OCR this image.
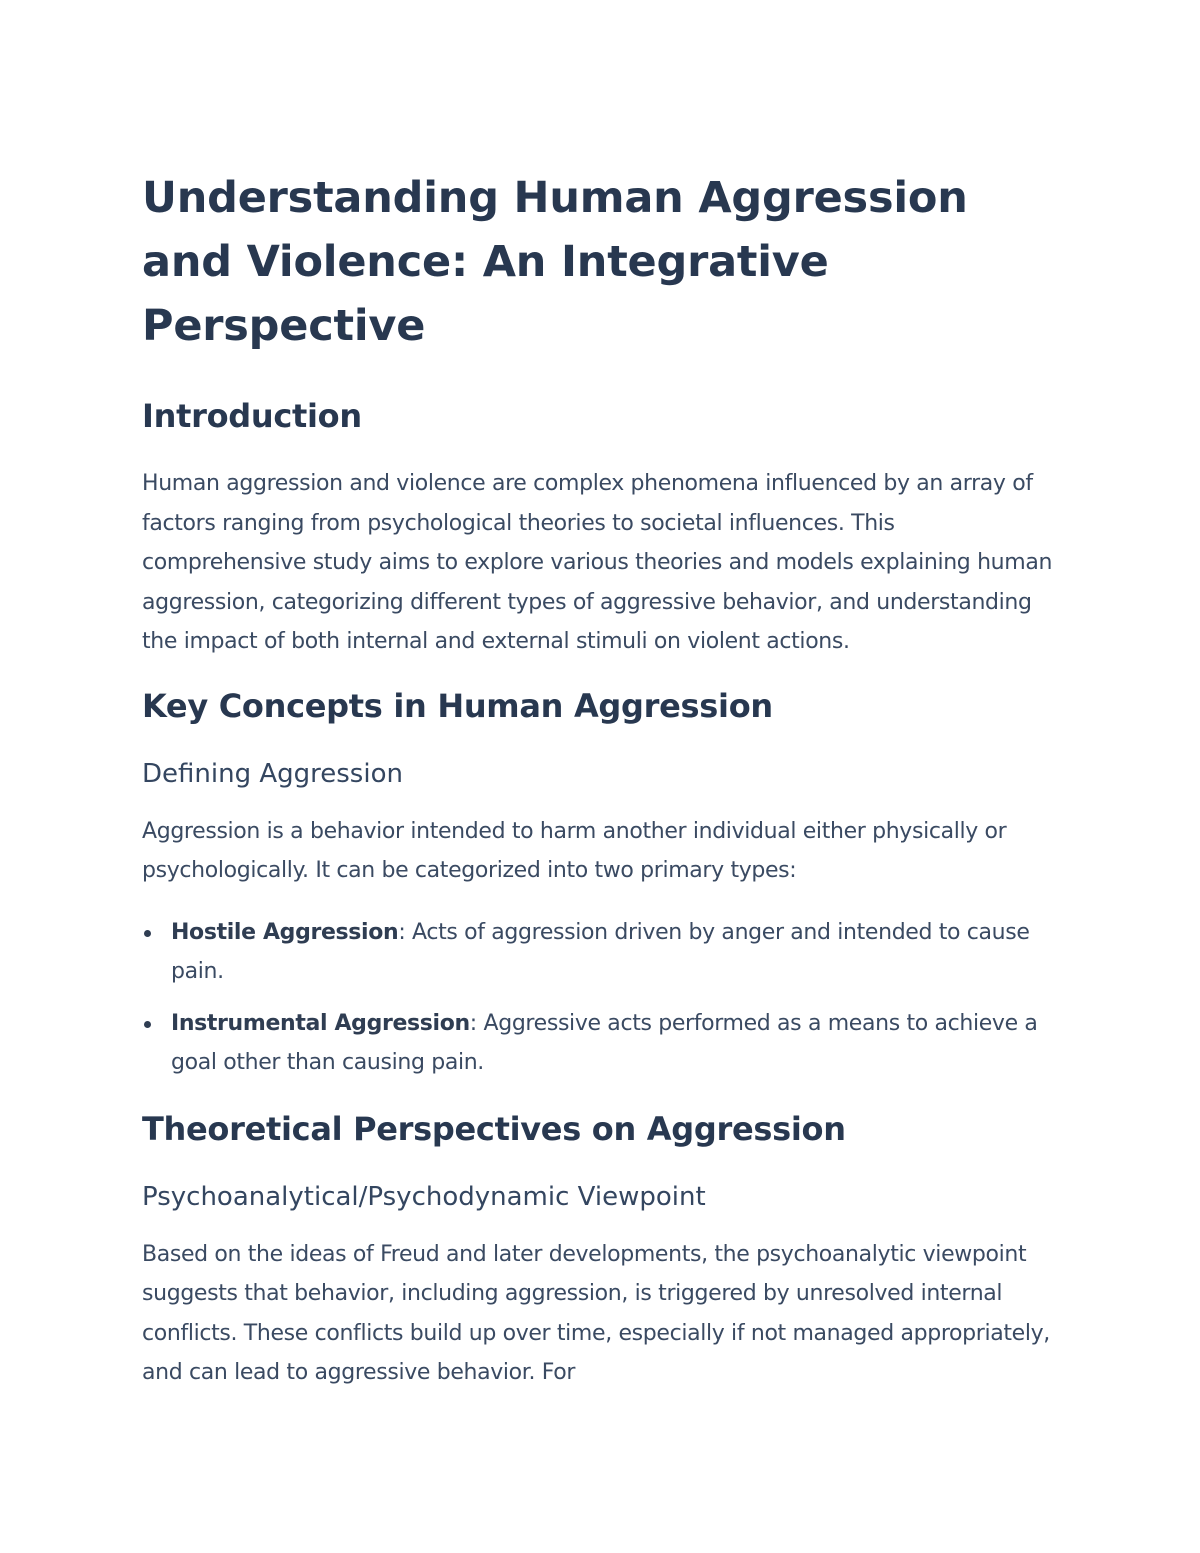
Understanding Human Aggression and Violence: An Integrative Perspective
Introduction

Human aggression and violence are complex phenomena influenced by an array of factors ranging from psychological theories to societal influences. This comprehensive study aims to explore various theories and models explaining human aggression, categorizing different types of aggressive behavior, and understanding the impact of both internal and external stimuli on violent actions.

Key Concepts in Human Aggression
Defining Aggression

Aggression is a behavior intended to harm another individual either physically or psychologically. It can be categorized into two primary types:

Hostile Aggression: Acts of aggression driven by anger and intended to cause pain.
Instrumental Aggression: Aggressive acts performed as a means to achieve a goal other than causing pain.
Theoretical Perspectives on Aggression
Psychoanalytical/Psychodynamic Viewpoint

Based on the ideas of Freud and later developments, the psychoanalytic viewpoint suggests that behavior, including aggression, is triggered by unresolved internal conflicts. These conflicts build up over time, especially if not managed appropriately, and can lead to aggressive behavior. For
